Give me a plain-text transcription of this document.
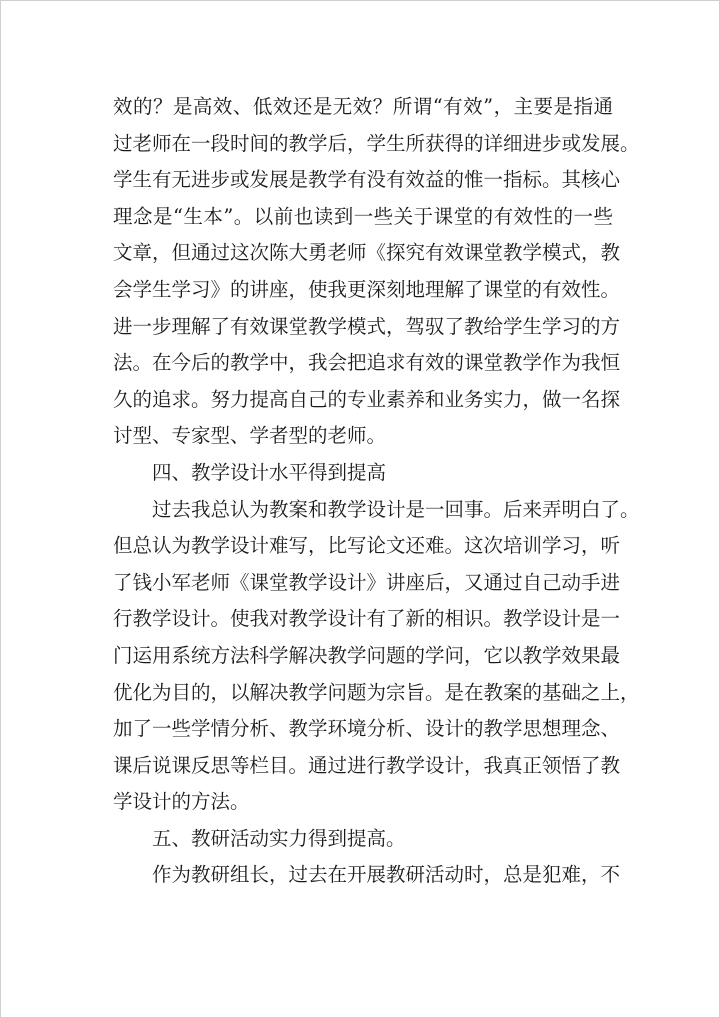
效的？是高效、低效还是无效？所谓“有效”，主要是指通
过老师在一段时间的教学后，学生所获得的详细进步或发展。
学生有无进步或发展是教学有没有效益的惟一指标。其核心
理念是“生本”。以前也读到一些关于课堂的有效性的一些
文章，但通过这次陈大勇老师《探究有效课堂教学模式，教
会学生学习》的讲座，使我更深刻地理解了课堂的有效性。
进一步理解了有效课堂教学模式，驾驭了教给学生学习的方
法。在今后的教学中，我会把追求有效的课堂教学作为我恒
久的追求。努力提高自己的专业素养和业务实力，做一名探
讨型、专家型、学者型的老师。
四、教学设计水平得到提高
过去我总认为教案和教学设计是一回事。后来弄明白了。
但总认为教学设计难写，比写论文还难。这次培训学习，听
了钱小军老师《课堂教学设计》讲座后，又通过自己动手进
行教学设计。使我对教学设计有了新的相识。教学设计是一
门运用系统方法科学解决教学问题的学问，它以教学效果最
优化为目的，以解决教学问题为宗旨。是在教案的基础之上，
加了一些学情分析、教学环境分析、设计的教学思想理念、
课后说课反思等栏目。通过进行教学设计，我真正领悟了教
学设计的方法。
五、教研活动实力得到提高。
作为教研组长，过去在开展教研活动时，总是犯难，不
